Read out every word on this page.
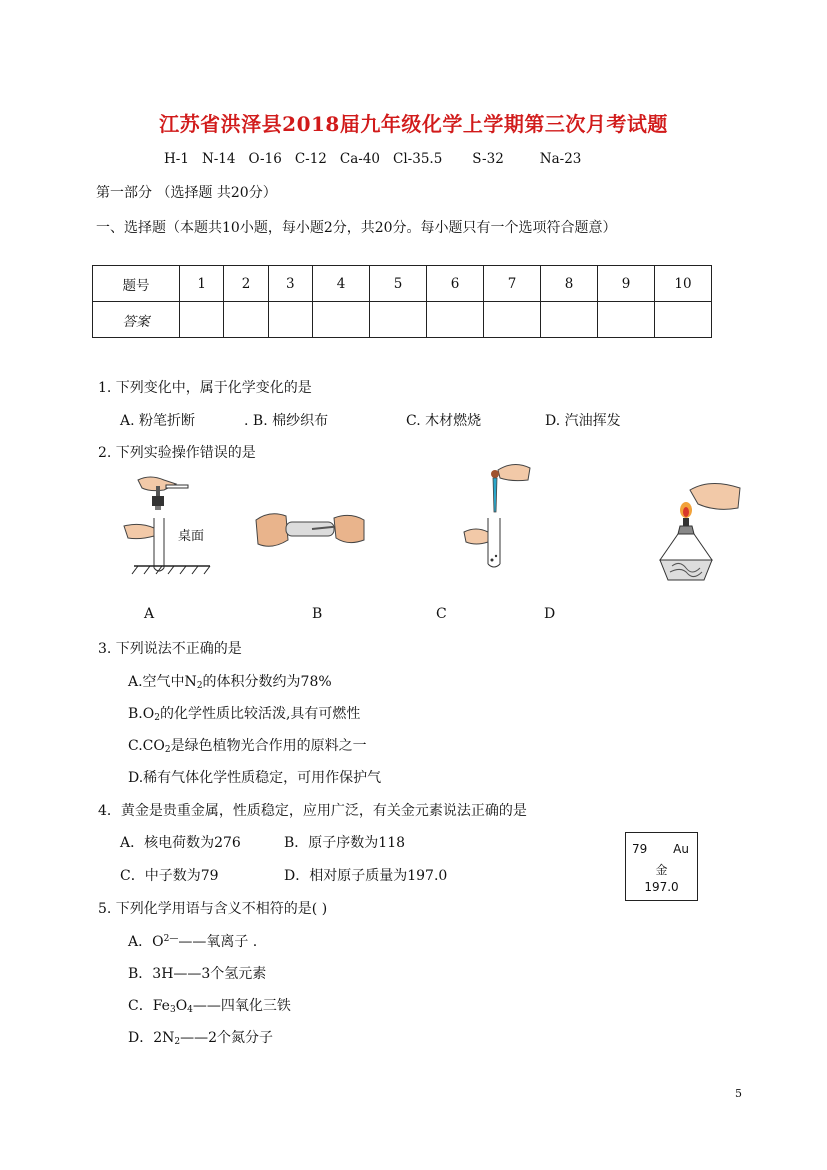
江苏省洪泽县2018届九年级化学上学期第三次月考试题
H-1 N-14 O-16 C-12 Ca-40 Cl-35.5 S-32	Na-23
第一部分 （选择题 共20分）
一、选择题（本题共10小题，每小题2分，共20分。每小题只有一个选项符合题意）
题号	1	2	3	4	5	6	7	8	9	10
答案										
1. 下列变化中，属于化学变化的是
A. 粉笔折断	. B. 棉纱织布	C. 木材燃烧	D. 汽油挥发
2. 下列实验操作错误的是
桌面
A	B	C	D
3. 下列说法不正确的是
A.空气中$N_2$的体积分数约为78%
$B.O_2$的化学性质比较活泼,具有可燃性
$C.CO_2$是绿色植物光合作用的原料之一
D.稀有气体化学性质稳定，可用作保护气
4．黄金是贵重金属，性质稳定，应用广泛，有关金元素说法正确的是
A．核电荷数为276	B．原子序数为118
C．中子数为79	D．相对原子质量为197.0
79 Au
金
197.0
5. 下列化学用语与含义不相符的是( )
A．$O^{2—}——$氧离子 .
B．3H——3个氢元素
C．$Fe_3O_4——$四氧化三铁
D．$2N_2——2$个氮分子
5
